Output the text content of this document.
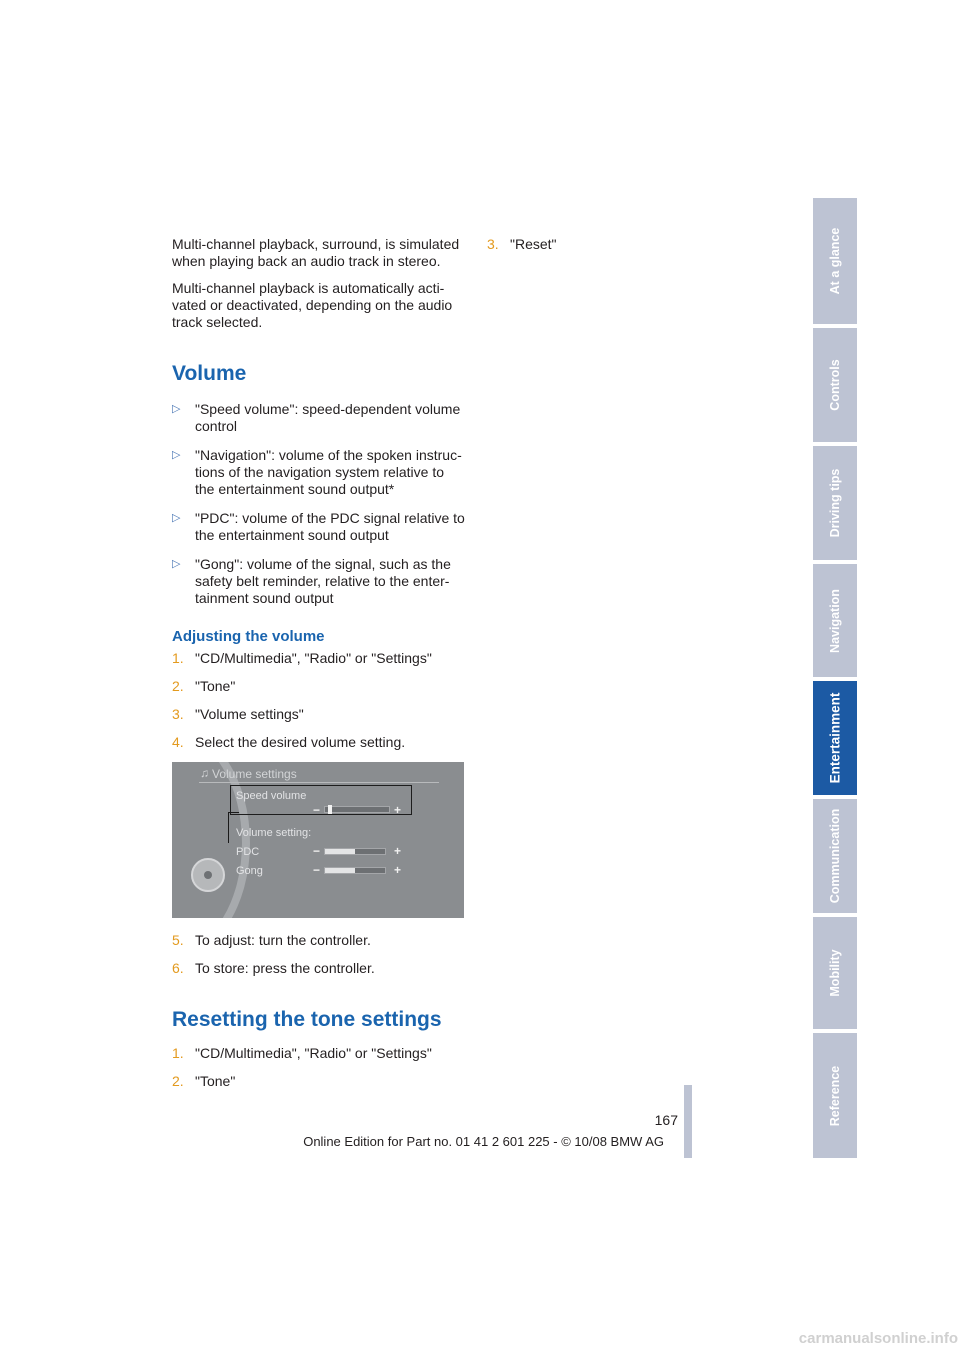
Multi-channel playback, surround, is simulated when playing back an audio track in stereo.

Multi-channel playback is automatically acti-vated or deactivated, depending on the audio track selected.

Volume
▷ "Speed volume": speed-dependent volume control
▷ "Navigation": volume of the spoken instruc-tions of the navigation system relative to the entertainment sound output*
▷ "PDC": volume of the PDC signal relative to the entertainment sound output
▷ "Gong": volume of the signal, such as the safety belt reminder, relative to the enter-tainment sound output
Adjusting the volume
1. "CD/Multimedia", "Radio" or "Settings"
2. "Tone"
3. "Volume settings"
4. Select the desired volume setting.
♫ Volume settings
Speed volume
−	+
Volume setting:
PDC	−	+
Gong	−	+
5. To adjust: turn the controller.
6. To store: press the controller.
Resetting the tone settings
1. "CD/Multimedia", "Radio" or "Settings"
2. "Tone"
3. "Reset"	At a glance
Controls
Driving tips
Navigation
Entertainment
Communication
Mobility
Reference
167
Online Edition for Part no. 01 41 2 601 225 - © 10/08 BMW AG
carmanualsonline.info
